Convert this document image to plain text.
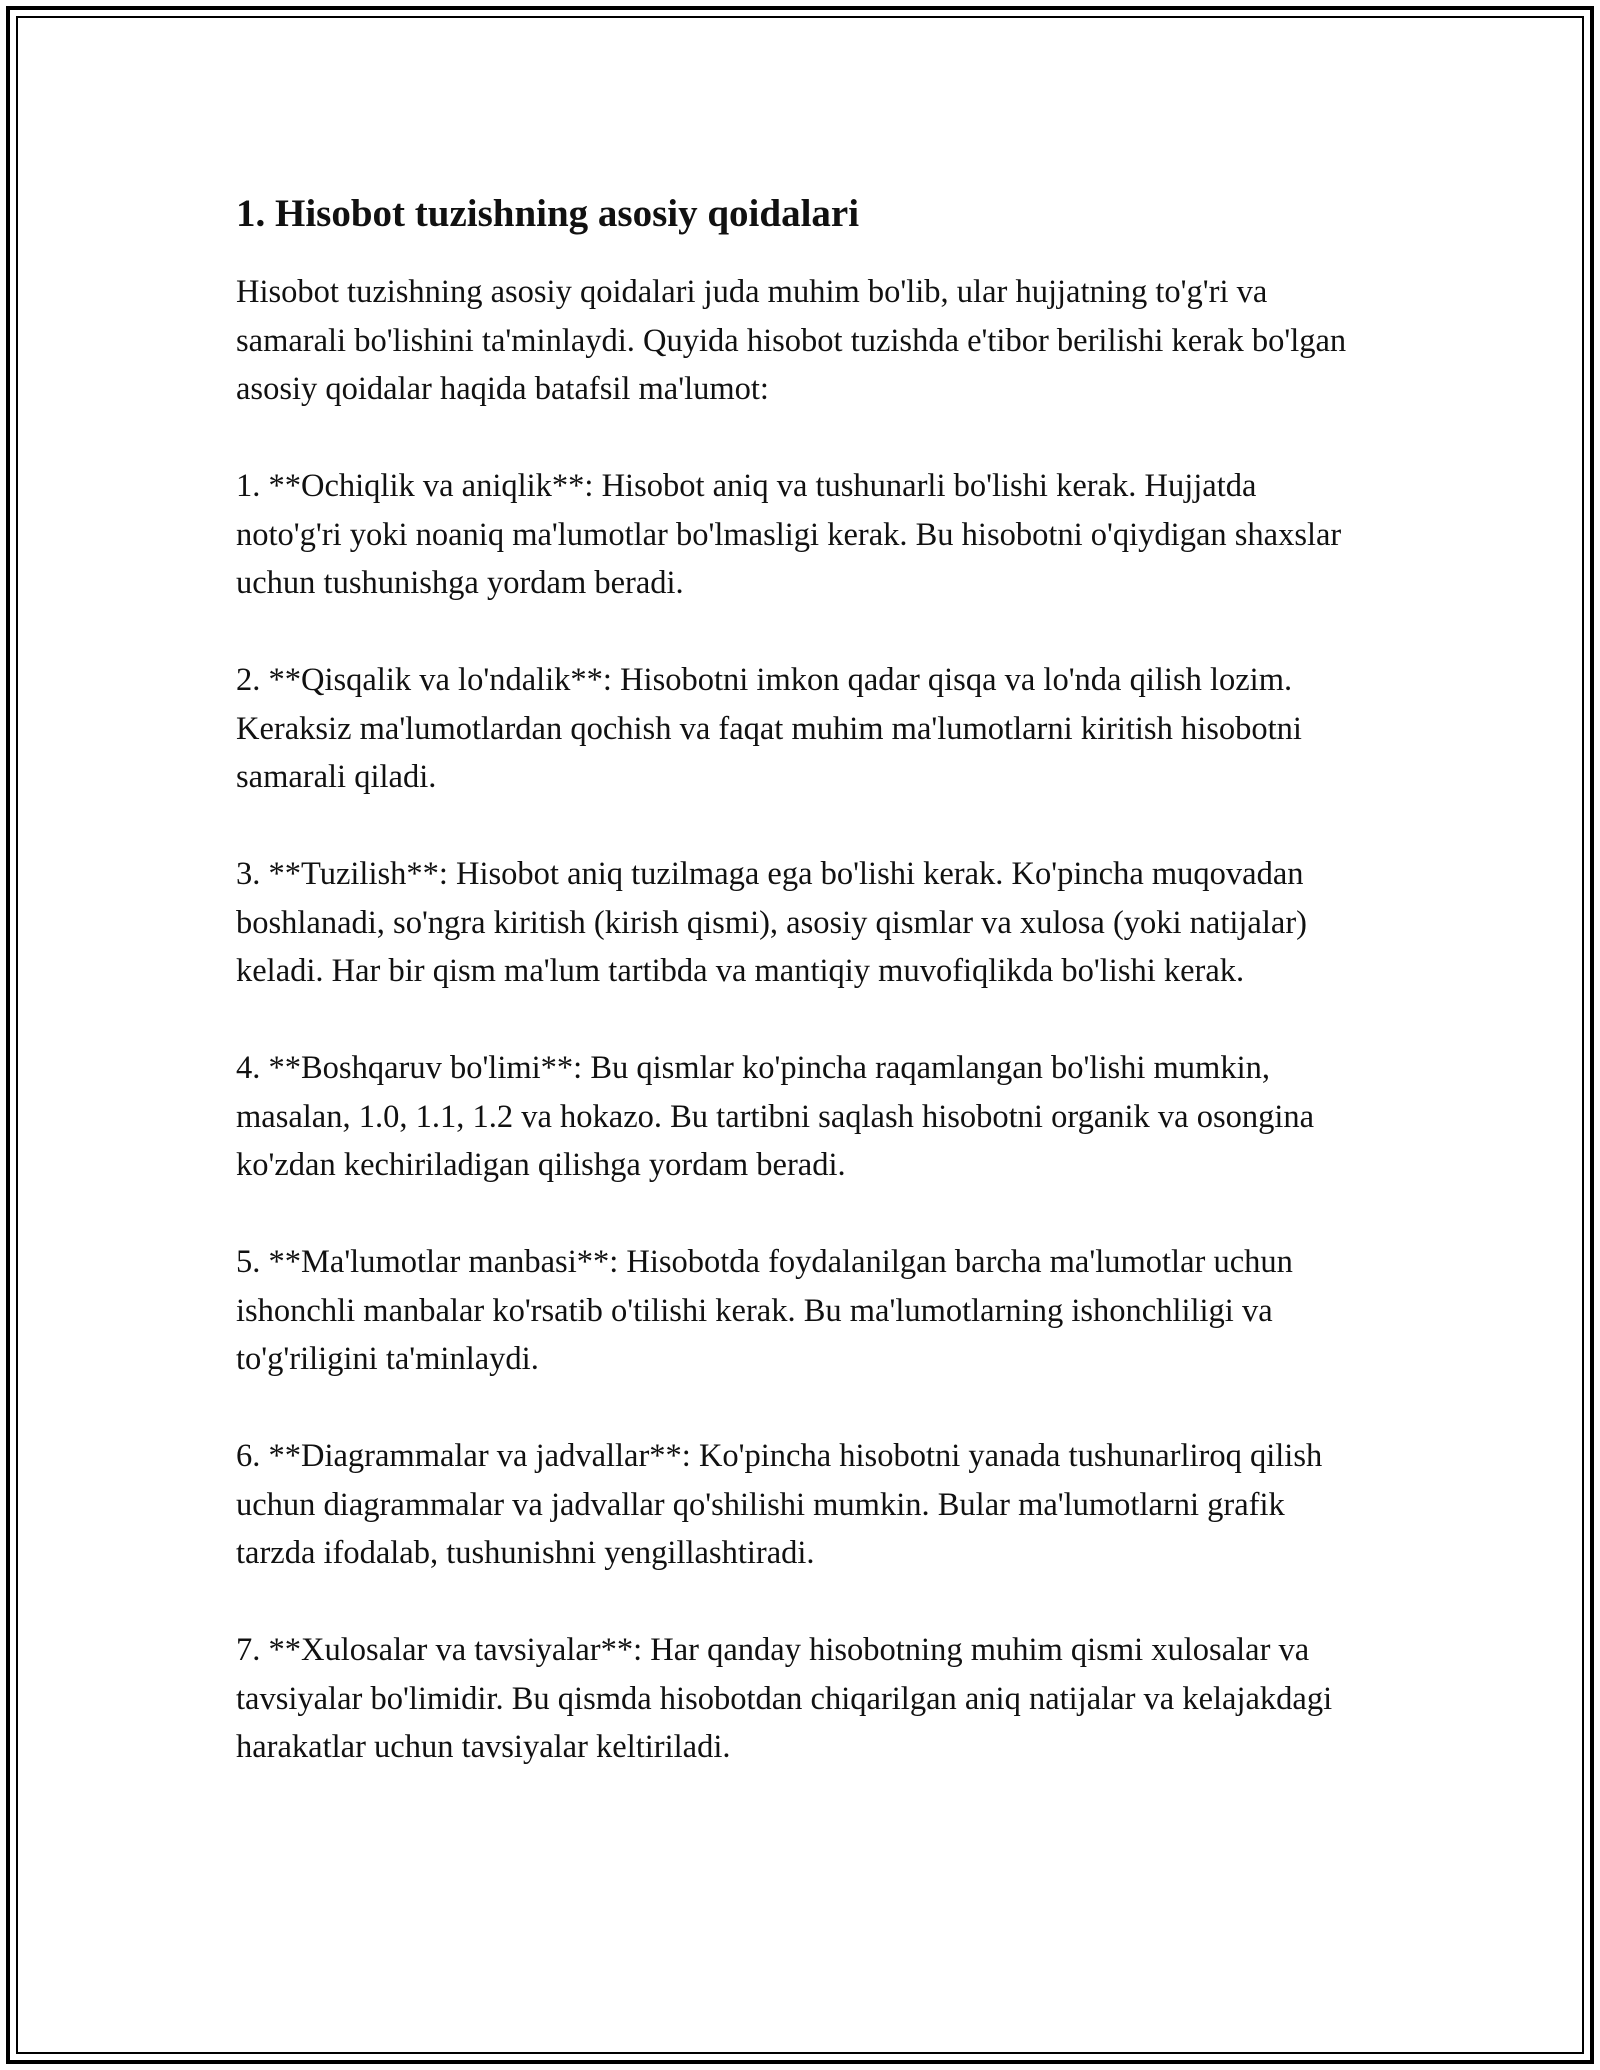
1. Hisobot tuzishning asosiy qoidalari

Hisobot tuzishning asosiy qoidalari juda muhim bo'lib, ular hujjatning to'g'ri va samarali bo'lishini ta'minlaydi. Quyida hisobot tuzishda e'tibor berilishi kerak bo'lgan asosiy qoidalar haqida batafsil ma'lumot:

1. **Ochiqlik va aniqlik**: Hisobot aniq va tushunarli bo'lishi kerak. Hujjatda noto'g'ri yoki noaniq ma'lumotlar bo'lmasligi kerak. Bu hisobotni o'qiydigan shaxslar uchun tushunishga yordam beradi.

2. **Qisqalik va lo'ndalik**: Hisobotni imkon qadar qisqa va lo'nda qilish lozim. Keraksiz ma'lumotlardan qochish va faqat muhim ma'lumotlarni kiritish hisobotni samarali qiladi.

3. **Tuzilish**: Hisobot aniq tuzilmaga ega bo'lishi kerak. Ko'pincha muqovadan boshlanadi, so'ngra kiritish (kirish qismi), asosiy qismlar va xulosa (yoki natijalar) keladi. Har bir qism ma'lum tartibda va mantiqiy muvofiqlikda bo'lishi kerak.

4. **Boshqaruv bo'limi**: Bu qismlar ko'pincha raqamlangan bo'lishi mumkin, masalan, 1.0, 1.1, 1.2 va hokazo. Bu tartibni saqlash hisobotni organik va osongina ko'zdan kechiriladigan qilishga yordam beradi.

5. **Ma'lumotlar manbasi**: Hisobotda foydalanilgan barcha ma'lumotlar uchun ishonchli manbalar ko'rsatib o'tilishi kerak. Bu ma'lumotlarning ishonchliligi va to'g'riligini ta'minlaydi.

6. **Diagrammalar va jadvallar**: Ko'pincha hisobotni yanada tushunarliroq qilish uchun diagrammalar va jadvallar qo'shilishi mumkin. Bular ma'lumotlarni grafik tarzda ifodalab, tushunishni yengillashtiradi.

7. **Xulosalar va tavsiyalar**: Har qanday hisobotning muhim qismi xulosalar va tavsiyalar bo'limidir. Bu qismda hisobotdan chiqarilgan aniq natijalar va kelajakdagi harakatlar uchun tavsiyalar keltiriladi.
